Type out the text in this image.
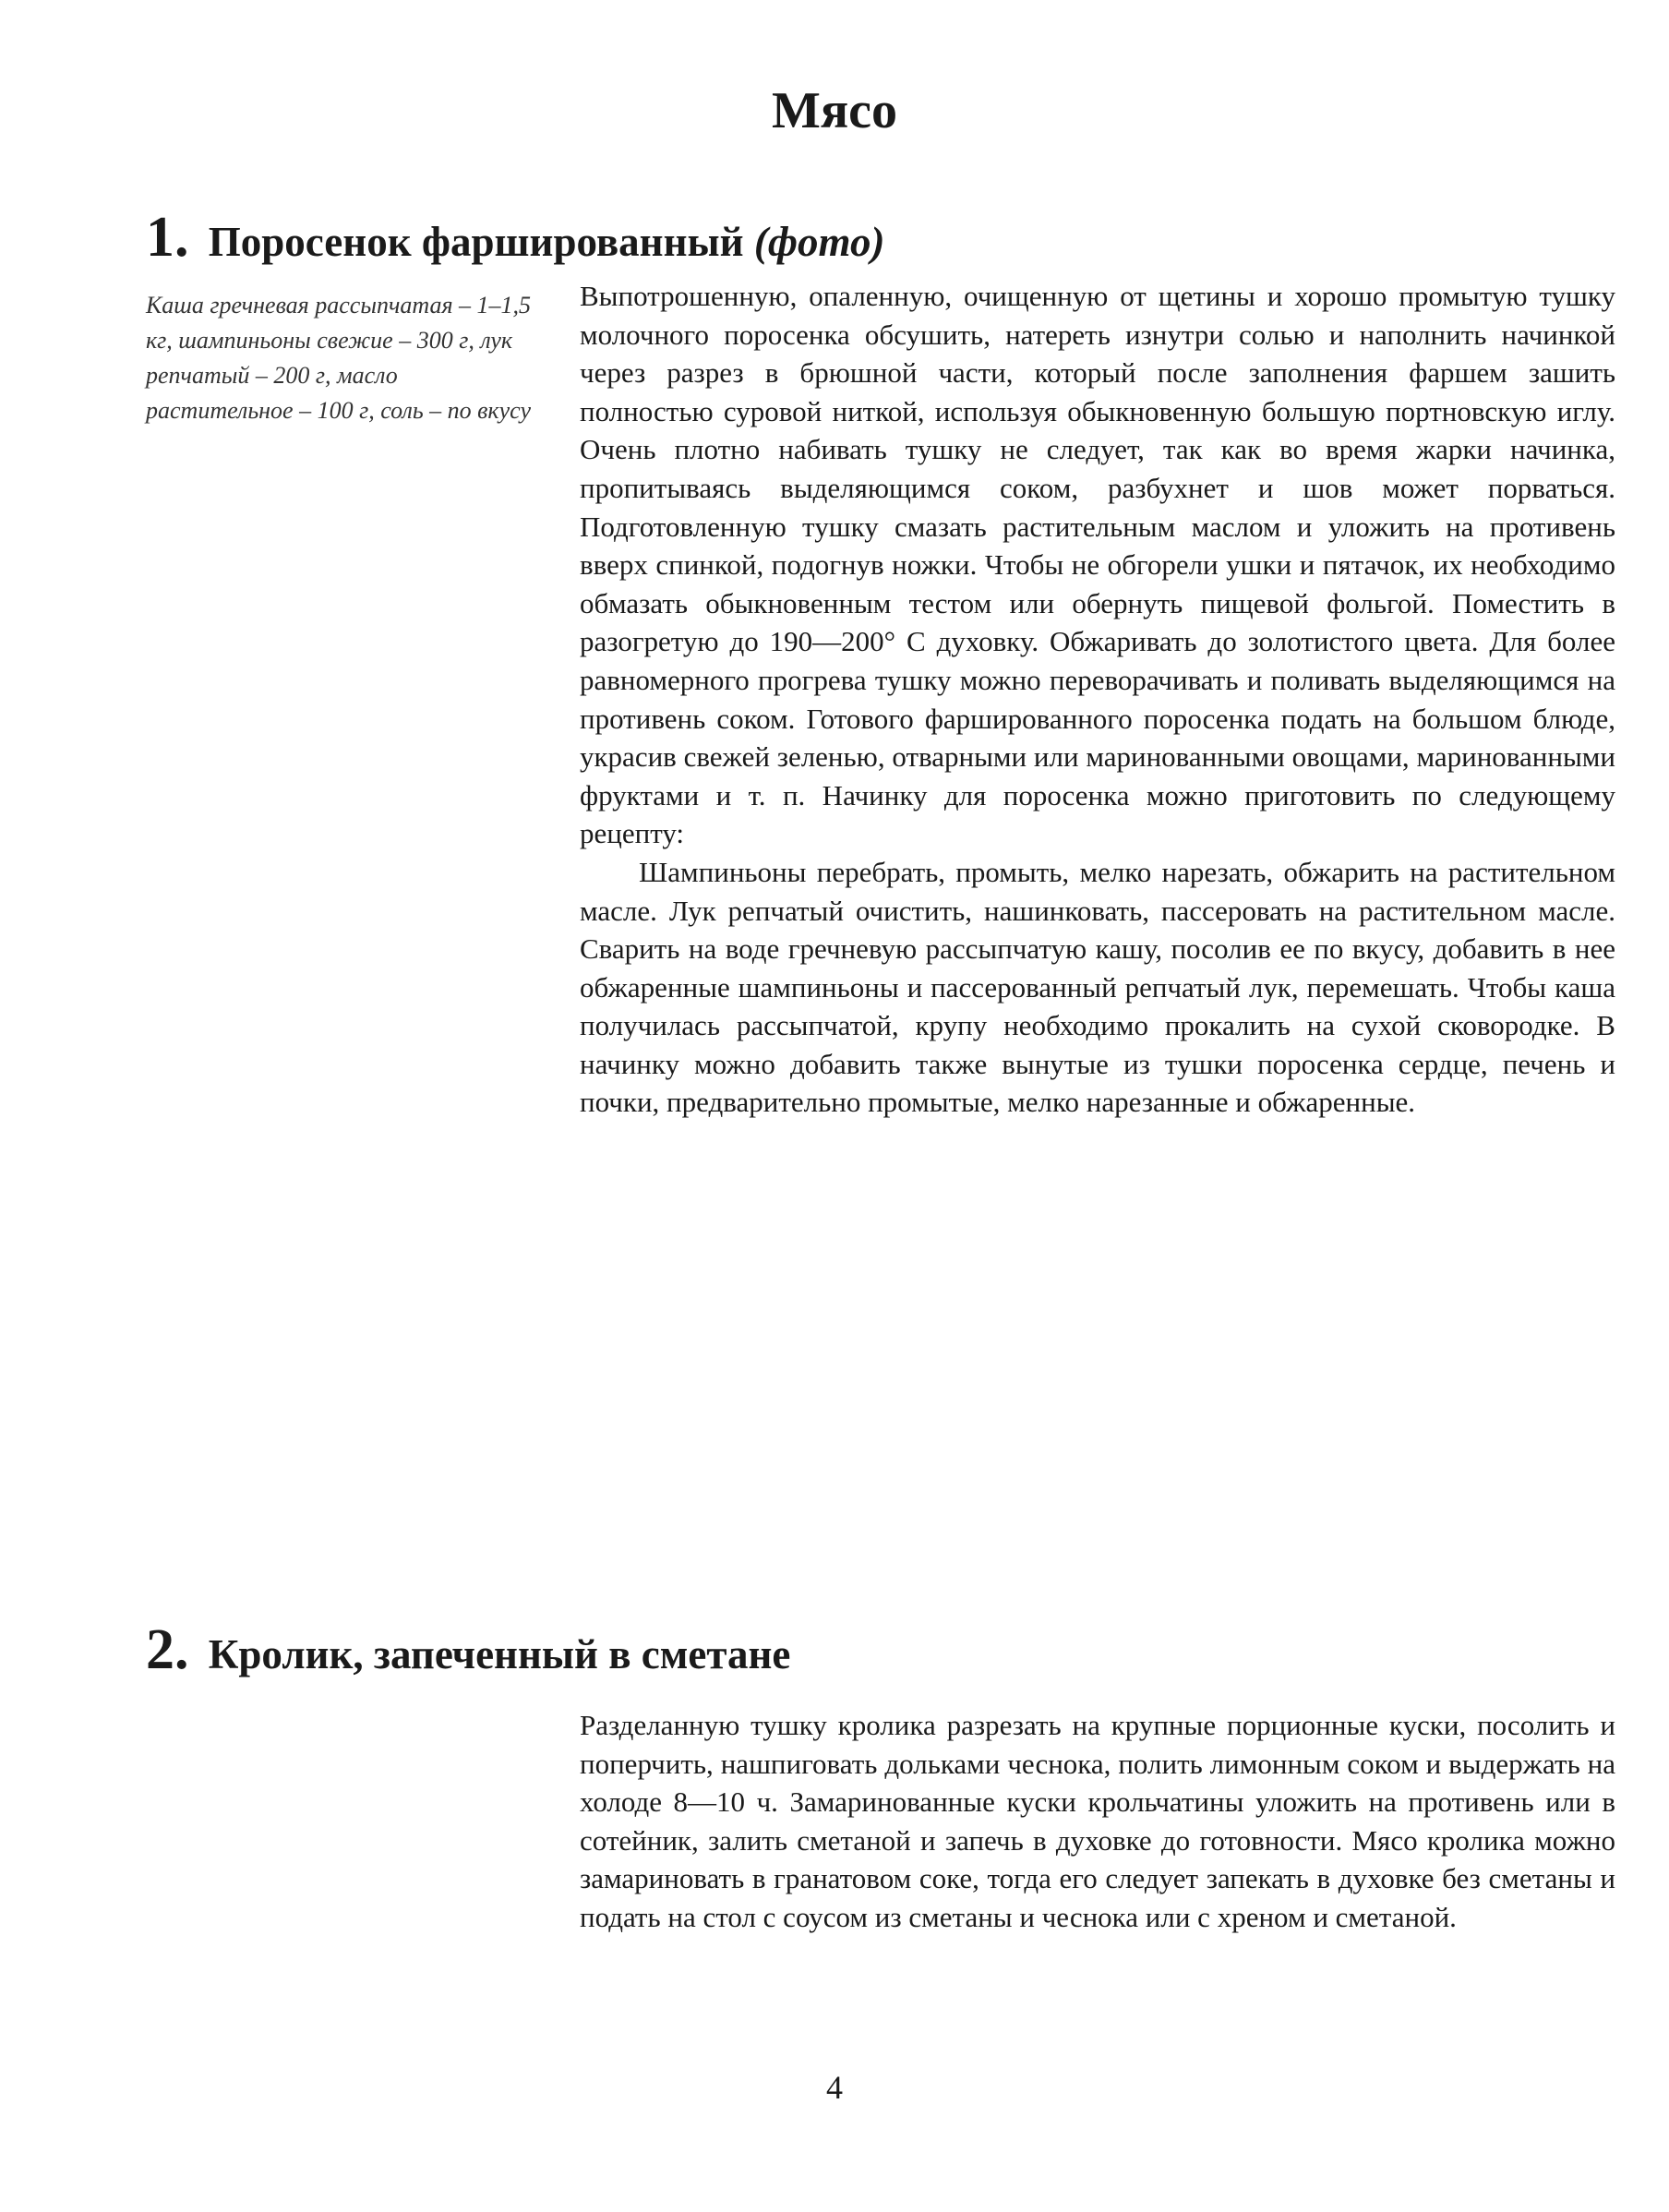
Мясо
1. Поросенок фаршированный (фото)

Каша гречневая рассыпчатая – 1–1,5 кг, шампиньоны свежие – 300 г, лук репчатый – 200 г, масло растительное – 100 г, соль – по вкусу

Выпотрошенную, опаленную, очищенную от щетины и хорошо промытую тушку молочного поросенка обсушить, натереть изнутри солью и наполнить начинкой через разрез в брюшной части, который после заполнения фаршем зашить полностью суровой ниткой, используя обыкновенную большую портновскую иглу. Очень плотно набивать тушку не следует, так как во время жарки начинка, пропитываясь выделяющимся соком, разбухнет и шов может порваться. Подготовленную тушку смазать растительным маслом и уложить на противень вверх спинкой, подогнув ножки. Чтобы не обгорели ушки и пятачок, их необходимо обмазать обыкновенным тестом или обернуть пищевой фольгой. Поместить в разогретую до 190—200° С духовку. Обжаривать до золотистого цвета. Для более равномерного прогрева тушку можно переворачивать и поливать выделяющимся на противень соком. Готового фаршированного поросенка подать на большом блюде, украсив свежей зеленью, отварными или маринованными овощами, маринованными фруктами и т. п. Начинку для поросенка можно приготовить по следующему рецепту:

Шампиньоны перебрать, промыть, мелко нарезать, обжарить на растительном масле. Лук репчатый очистить, нашинковать, пассеровать на растительном масле. Сварить на воде гречневую рассыпчатую кашу, посолив ее по вкусу, добавить в нее обжаренные шампиньоны и пассерованный репчатый лук, перемешать. Чтобы каша получилась рассыпчатой, крупу необходимо прокалить на сухой сковородке. В начинку можно добавить также вынутые из тушки поросенка сердце, печень и почки, предварительно промытые, мелко нарезанные и обжаренные.

2. Кролик, запеченный в сметане

Разделанную тушку кролика разрезать на крупные порционные куски, посолить и поперчить, нашпиговать дольками чеснока, полить лимонным соком и выдержать на холоде 8—10 ч. Замаринованные куски крольчатины уложить на противень или в сотейник, залить сметаной и запечь в духовке до готовности. Мясо кролика можно замариновать в гранатовом соке, тогда его следует запекать в духовке без сметаны и подать на стол с соусом из сметаны и чеснока или с хреном и сметаной.

4
